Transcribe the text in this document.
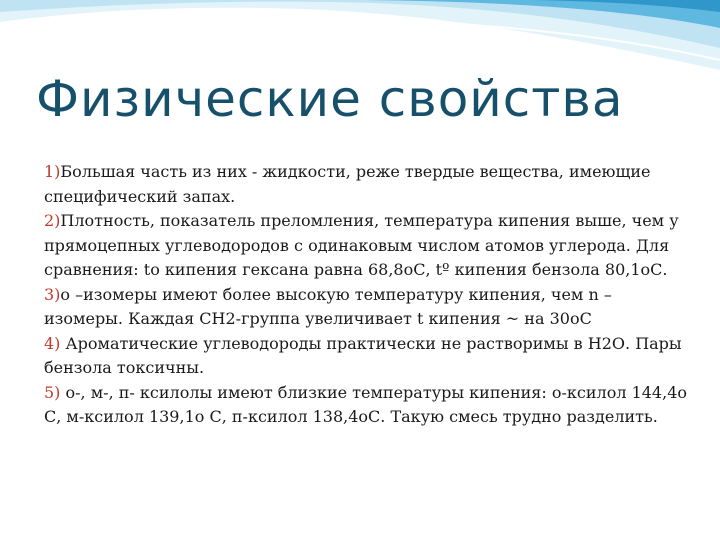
Физические свойства
1)Большая часть из них - жидкости, реже твердые вещества, имеющие специфический запах.
2)Плотность, показатель преломления, температура кипения выше, чем у прямоцепных углеводородов с одинаковым числом атомов углерода. Для сравнения: to кипения гексана равна 68,8оС, tº кипения бензола 80,1оС.
3)о –изомеры имеют более высокую температуру кипения, чем n – изомеры. Каждая СН2-группа увеличивает t кипения ~ на 30оС
4) Ароматические углеводороды практически не растворимы в Н2О. Пары бензола токсичны.
5) о-, м-, п- ксилолы имеют близкие температуры кипения: о-ксилол 144,4о С, м-ксилол 139,1о С, п-ксилол 138,4оС. Такую смесь трудно разделить.
